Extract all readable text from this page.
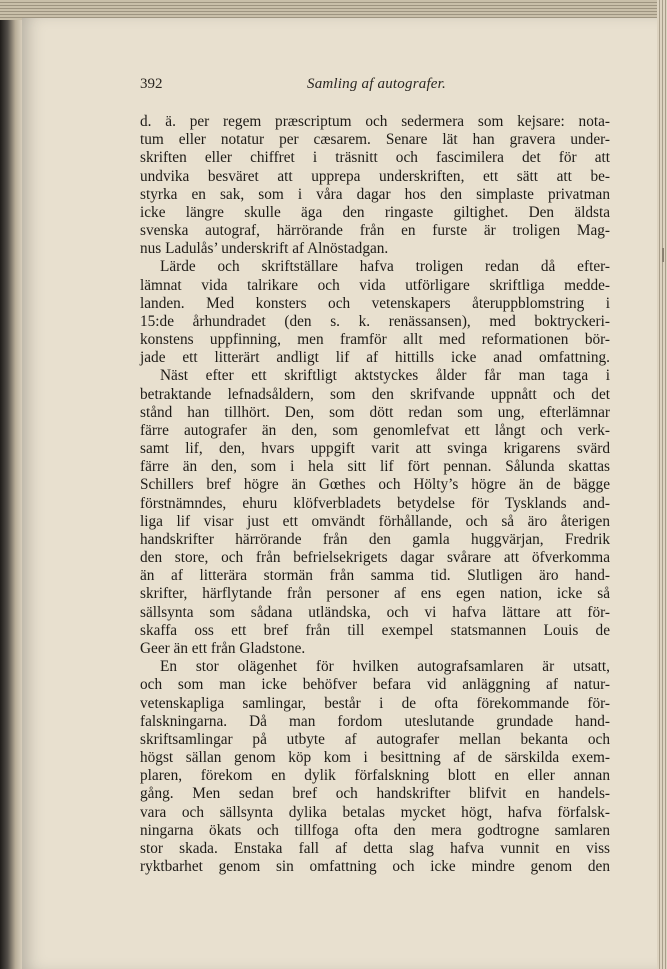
392	Samling af autografer.
d. ä. per regem præscriptum och sedermera som kejsare: nota-
tum eller notatur per cæsarem. Senare lät han gravera under-
skriften eller chiffret i träsnitt och fascimilera det för att
undvika besväret att upprepa underskriften, ett sätt att be-
styrka en sak, som i våra dagar hos den simplaste privatman
icke längre skulle äga den ringaste giltighet. Den äldsta
svenska autograf, härrörande från en furste är troligen Mag-
nus Ladulås’ underskrift af Alnöstadgan.
Lärde och skriftställare hafva troligen redan då efter-
lämnat vida talrikare och vida utförligare skriftliga medde-
landen. Med konsters och vetenskapers återuppblomstring i
15:de århundradet (den s. k. renässansen), med boktryckeri-
konstens uppfinning, men framför allt med reformationen bör-
jade ett litterärt andligt lif af hittills icke anad omfattning.
Näst efter ett skriftligt aktstyckes ålder får man taga i
betraktande lefnadsåldern, som den skrifvande uppnått och det
stånd han tillhört. Den, som dött redan som ung, efterlämnar
färre autografer än den, som genomlefvat ett långt och verk-
samt lif, den, hvars uppgift varit att svinga krigarens svärd
färre än den, som i hela sitt lif fört pennan. Sålunda skattas
Schillers bref högre än Gœthes och Hölty’s högre än de bägge
förstnämndes, ehuru klöfverbladets betydelse för Tysklands and-
liga lif visar just ett omvändt förhållande, och så äro återigen
handskrifter härrörande från den gamla huggvärjan, Fredrik
den store, och från befrielsekrigets dagar svårare att öfverkomma
än af litterära stormän från samma tid. Slutligen äro hand-
skrifter, härflytande från personer af ens egen nation, icke så
sällsynta som sådana utländska, och vi hafva lättare att för-
skaffa oss ett bref från till exempel statsmannen Louis de
Geer än ett från Gladstone.
En stor olägenhet för hvilken autografsamlaren är utsatt,
och som man icke behöfver befara vid anläggning af natur-
vetenskapliga samlingar, består i de ofta förekommande för-
falskningarna. Då man fordom uteslutande grundade hand-
skriftsamlingar på utbyte af autografer mellan bekanta och
högst sällan genom köp kom i besittning af de särskilda exem-
plaren, förekom en dylik förfalskning blott en eller annan
gång. Men sedan bref och handskrifter blifvit en handels-
vara och sällsynta dylika betalas mycket högt, hafva förfalsk-
ningarna ökats och tillfoga ofta den mera godtrogne samlaren
stor skada. Enstaka fall af detta slag hafva vunnit en viss
ryktbarhet genom sin omfattning och icke mindre genom den
